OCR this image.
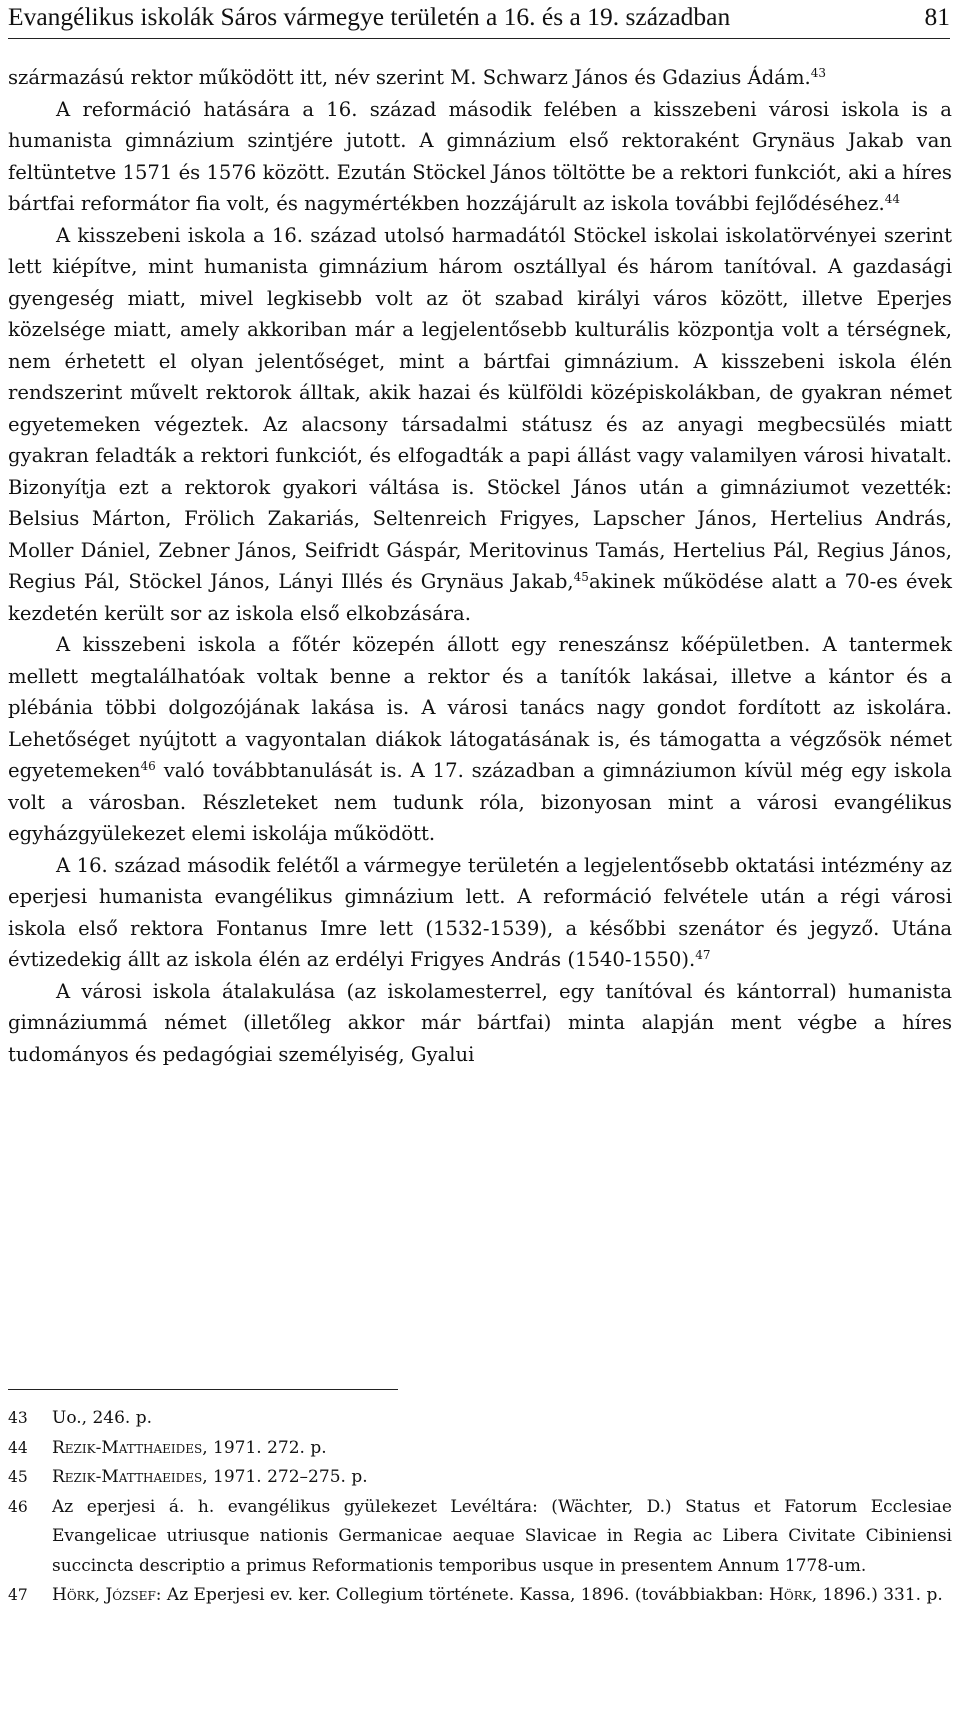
Evangélikus iskolák Sáros vármegye területén a 16. és a 19. században	81

származású rektor működött itt, név szerint M. Schwarz János és Gdazius Ádám.$^{43}$

A reformáció hatására a 16. század második felében a kisszebeni városi iskola is a humanista gimnázium szintjére jutott. A gimnázium első rektoraként Grynäus Jakab van feltüntetve 1571 és 1576 között. Ezután Stöckel János töltötte be a rektori funkciót, aki a híres bártfai reformátor fia volt, és nagymértékben hozzájárult az iskola további fejlődéséhez.$^{44}$

A kisszebeni iskola a 16. század utolsó harmadától Stöckel iskolai iskolatörvényei szerint lett kiépítve, mint humanista gimnázium három osztállyal és három tanítóval. A gazdasági gyengeség miatt, mivel legkisebb volt az öt szabad királyi város között, illetve Eperjes közelsége miatt, amely akkoriban már a legjelentősebb kulturális központja volt a térségnek, nem érhetett el olyan jelentőséget, mint a bártfai gimnázium. A kisszebeni iskola élén rendszerint művelt rektorok álltak, akik hazai és külföldi középiskolákban, de gyakran német egyetemeken végeztek. Az alacsony társadalmi státusz és az anyagi megbecsülés miatt gyakran feladták a rektori funkciót, és elfogadták a papi állást vagy valamilyen városi hivatalt. Bizonyítja ezt a rektorok gyakori váltása is. Stöckel János után a gimnáziumot vezették: Belsius Márton, Frölich Zakariás, Seltenreich Frigyes, Lapscher János, Hertelius András, Moller Dániel, Zebner János, Seifridt Gáspár, Meritovinus Tamás, Hertelius Pál, Regius János, Regius Pál, Stöckel János, Lányi Illés és Grynäus Jakab,$^{45}$akinek működése alatt a 70-es évek kezdetén került sor az iskola első elkobzására.

A kisszebeni iskola a főtér közepén állott egy reneszánsz kőépületben. A tantermek mellett megtalálhatóak voltak benne a rektor és a tanítók lakásai, illetve a kántor és a plébánia többi dolgozójának lakása is. A városi tanács nagy gondot fordított az iskolára. Lehetőséget nyújtott a vagyontalan diákok látogatásának is, és támogatta a végzősök német egyetemeken$^{46}$ való továbbtanulását is. A 17. században a gimnáziumon kívül még egy iskola volt a városban. Részleteket nem tudunk róla, bizonyosan mint a városi evangélikus egyházgyülekezet elemi iskolája működött.

A 16. század második felétől a vármegye területén a legjelentősebb oktatási intézmény az eperjesi humanista evangélikus gimnázium lett. A reformáció felvétele után a régi városi iskola első rektora Fontanus Imre lett (1532-1539), a későbbi szenátor és jegyző. Utána évtizedekig állt az iskola élén az erdélyi Frigyes András (1540-1550).$^{47}$

A városi iskola átalakulása (az iskolamesterrel, egy tanítóval és kántorral) humanista gimnáziummá német (illetőleg akkor már bártfai) minta alapján ment végbe a híres tudományos és pedagógiai személyiség, Gyalui

43	Uo., 246. p.
44	Rezik-Matthaeides, 1971. 272. p.
45	Rezik-Matthaeides, 1971. 272–275. p.
46	Az eperjesi á. h. evangélikus gyülekezet Levéltára: (Wächter, D.) Status et Fatorum Ecclesiae Evangelicae utriusque nationis Germanicae aequae Slavicae in Regia ac Libera Civitate Cibiniensi succincta descriptio a primus Reformationis temporibus usque in presentem Annum 1778-um.
47	Hörk, József: Az Eperjesi ev. ker. Collegium története. Kassa, 1896. (továbbiakban: Hörk, 1896.) 331. p.
